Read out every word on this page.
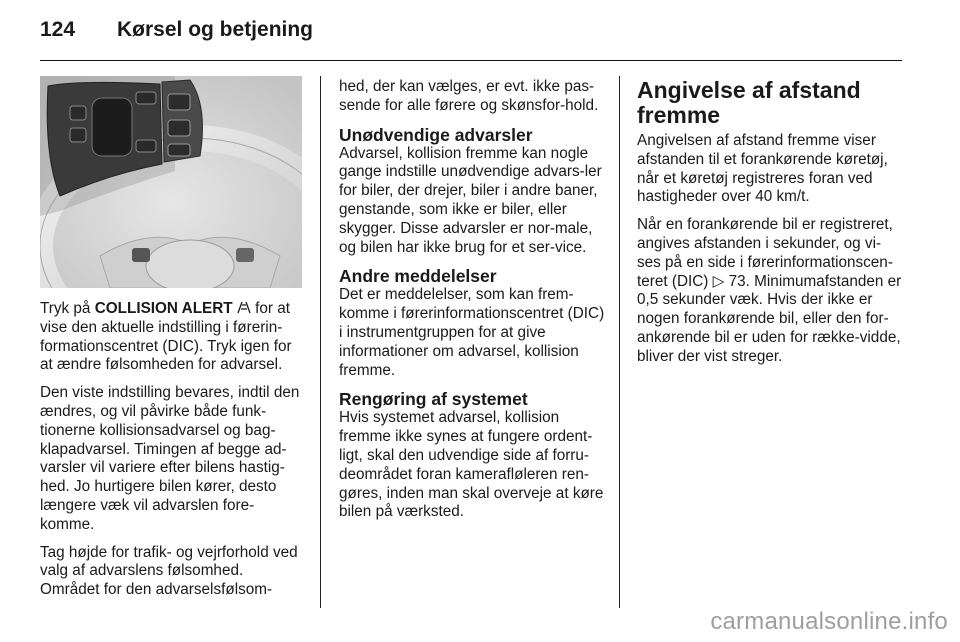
124 Kørsel og betjening

Tryk på COLLISION ALERT  for at vise den aktuelle indstilling i førerin-formationscentret (DIC). Tryk igen for at ændre følsomheden for advarsel.

Den viste indstilling bevares, indtil den ændres, og vil påvirke både funk-tionerne kollisionsadvarsel og bag-klapadvarsel. Timingen af begge ad-varsler vil variere efter bilens hastig-hed. Jo hurtigere bilen kører, desto længere væk vil advarslen fore-komme.

Tag højde for trafik- og vejrforhold ved valg af advarslens følsomhed. Området for den advarselsfølsom-

hed, der kan vælges, er evt. ikke pas-sende for alle førere og skønsfor-hold.

Unødvendige advarsler

Advarsel, kollision fremme kan nogle gange indstille unødvendige advars-ler for biler, der drejer, biler i andre baner, genstande, som ikke er biler, eller skygger. Disse advarsler er nor-male, og bilen har ikke brug for et ser-vice.

Andre meddelelser

Det er meddelelser, som kan frem-komme i førerinformationscentret (DIC) i instrumentgruppen for at give informationer om advarsel, kollision fremme.

Rengøring af systemet

Hvis systemet advarsel, kollision fremme ikke synes at fungere ordent-ligt, skal den udvendige side af forru-deområdet foran kamerafløleren ren-gøres, inden man skal overveje at køre bilen på værksted.

Angivelse af afstand fremme

Angivelsen af afstand fremme viser afstanden til et forankørende køretøj, når et køretøj registreres foran ved hastigheder over 40 km/t.

Når en forankørende bil er registreret, angives afstanden i sekunder, og vi-ses på en side i førerinformationscen-teret (DIC) ▷ 73. Minimumafstanden er 0,5 sekunder væk. Hvis der ikke er nogen forankørende bil, eller den for-ankørende bil er uden for række-vidde, bliver der vist streger.

carmanualsonline.info
